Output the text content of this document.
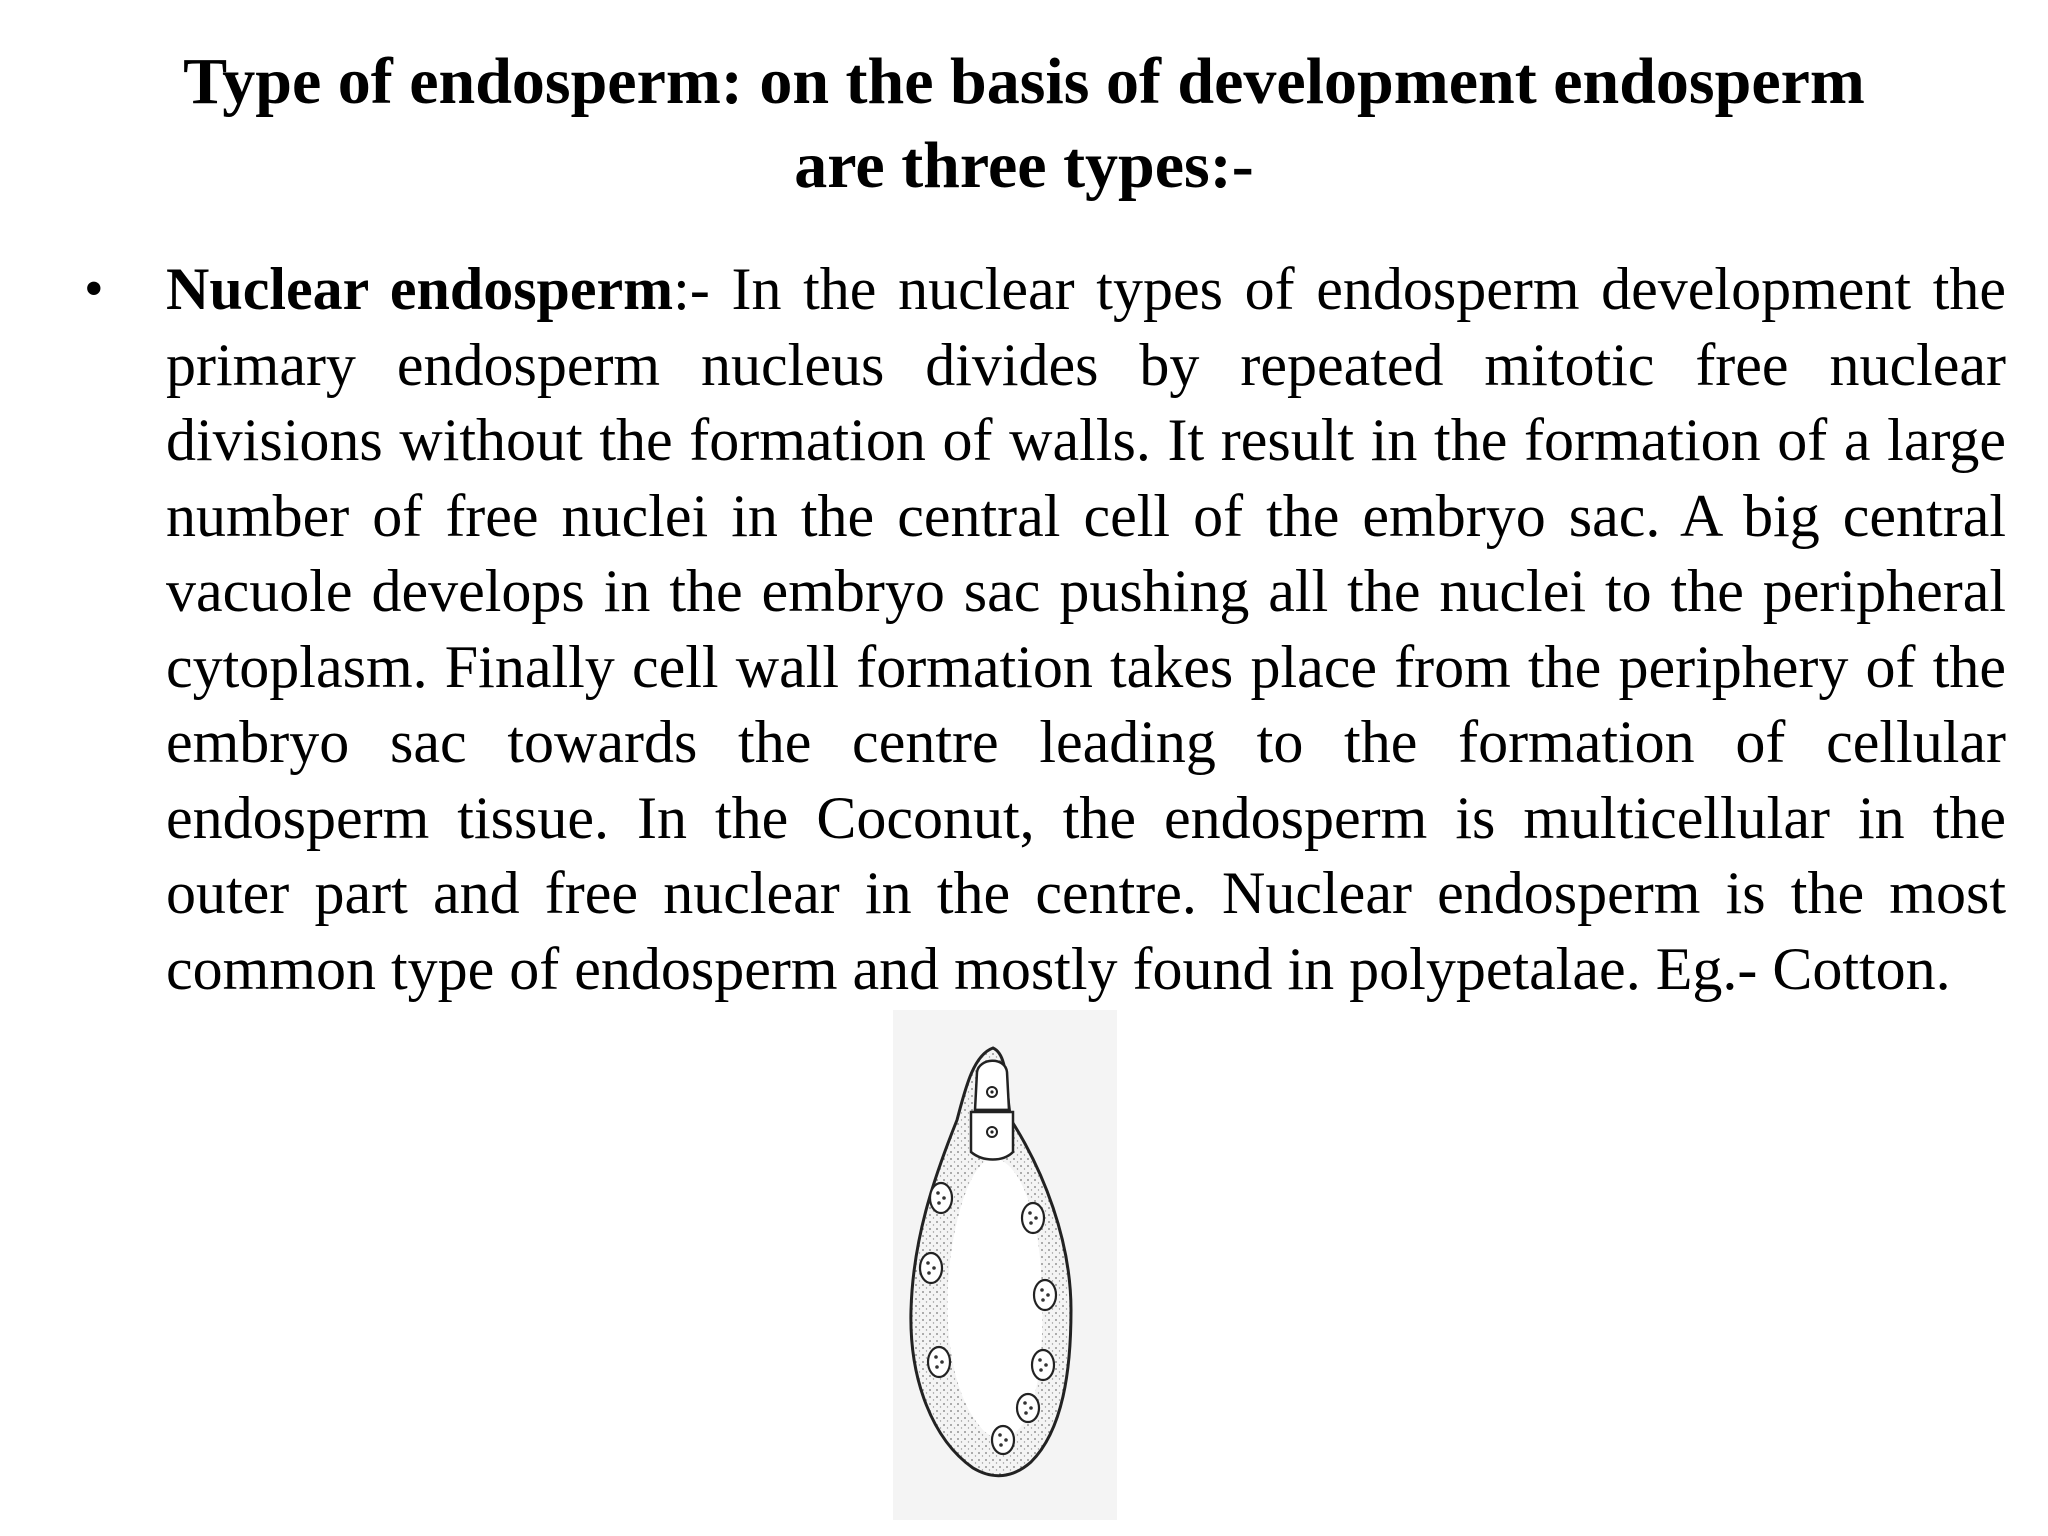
Type of endosperm: on the basis of development endosperm
are three types:-
• Nuclear endosperm:- In the nuclear types of endosperm development the primary endosperm nucleus divides by repeated mitotic free nuclear divisions without the formation of walls. It result in the formation of a large number of free nuclei in the central cell of the embryo sac. A big central vacuole develops in the embryo sac pushing all the nuclei to the peripheral cytoplasm. Finally cell wall formation takes place from the periphery of the embryo sac towards the centre leading to the formation of cellular endosperm tissue. In the Coconut, the endosperm is multicellular in the outer part and free nuclear in the centre. Nuclear endosperm is the most common type of endosperm and mostly found in polypetalae. Eg.- Cotton.
